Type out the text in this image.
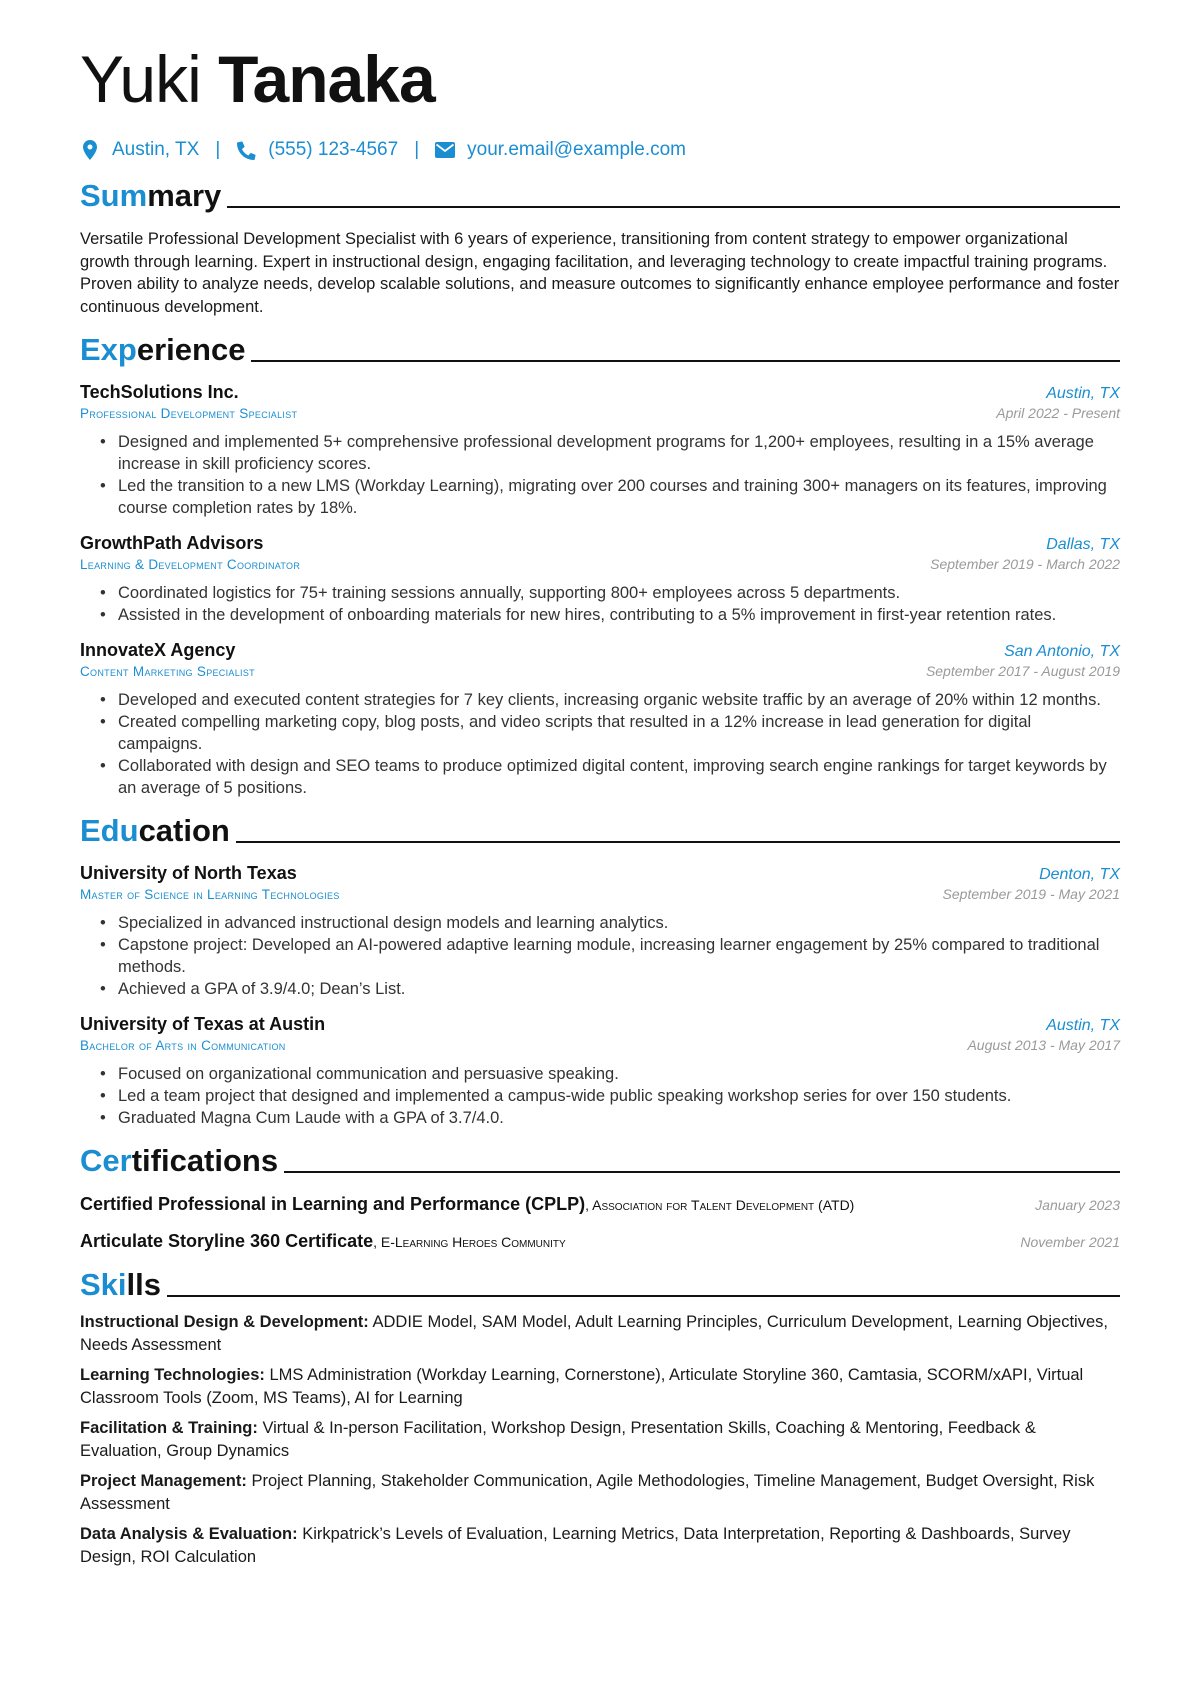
Yuki Tanaka
Austin, TX |	(555) 123-4567 |	your.email@example.com
Summary
Versatile Professional Development Specialist with 6 years of experience, transitioning from content strategy to empower organizational growth through learning. Expert in instructional design, engaging facilitation, and leveraging technology to create impactful training programs. Proven ability to analyze needs, develop scalable solutions, and measure outcomes to significantly enhance employee performance and foster continuous development.
Experience
TechSolutions Inc.	Austin, TX
Professional Development Specialist	April 2022 - Present
• Designed and implemented 5+ comprehensive professional development programs for 1,200+ employees, resulting in a 15% average increase in skill proficiency scores.
• Led the transition to a new LMS (Workday Learning), migrating over 200 courses and training 300+ managers on its features, improving course completion rates by 18%.
GrowthPath Advisors	Dallas, TX
Learning & Development Coordinator	September 2019 - March 2022
• Coordinated logistics for 75+ training sessions annually, supporting 800+ employees across 5 departments.
• Assisted in the development of onboarding materials for new hires, contributing to a 5% improvement in first-year retention rates.
InnovateX Agency	San Antonio, TX
Content Marketing Specialist	September 2017 - August 2019
• Developed and executed content strategies for 7 key clients, increasing organic website traffic by an average of 20% within 12 months.
• Created compelling marketing copy, blog posts, and video scripts that resulted in a 12% increase in lead generation for digital campaigns.
• Collaborated with design and SEO teams to produce optimized digital content, improving search engine rankings for target keywords by an average of 5 positions.
Education
University of North Texas	Denton, TX
Master of Science in Learning Technologies	September 2019 - May 2021
• Specialized in advanced instructional design models and learning analytics.
• Capstone project: Developed an AI-powered adaptive learning module, increasing learner engagement by 25% compared to traditional methods.
• Achieved a GPA of 3.9/4.0; Dean’s List.
University of Texas at Austin	Austin, TX
Bachelor of Arts in Communication	August 2013 - May 2017
• Focused on organizational communication and persuasive speaking.
• Led a team project that designed and implemented a campus-wide public speaking workshop series for over 150 students.
• Graduated Magna Cum Laude with a GPA of 3.7/4.0.
Certifications
Certified Professional in Learning and Performance (CPLP), Association for Talent Development (ATD)	January 2023
Articulate Storyline 360 Certificate, E-Learning Heroes Community	November 2021
Skills
Instructional Design & Development: ADDIE Model, SAM Model, Adult Learning Principles, Curriculum Development, Learning Objectives, Needs Assessment
Learning Technologies: LMS Administration (Workday Learning, Cornerstone), Articulate Storyline 360, Camtasia, SCORM/xAPI, Virtual Classroom Tools (Zoom, MS Teams), AI for Learning
Facilitation & Training: Virtual & In-person Facilitation, Workshop Design, Presentation Skills, Coaching & Mentoring, Feedback & Evaluation, Group Dynamics
Project Management: Project Planning, Stakeholder Communication, Agile Methodologies, Timeline Management, Budget Oversight, Risk Assessment
Data Analysis & Evaluation: Kirkpatrick’s Levels of Evaluation, Learning Metrics, Data Interpretation, Reporting & Dashboards, Survey Design, ROI Calculation
